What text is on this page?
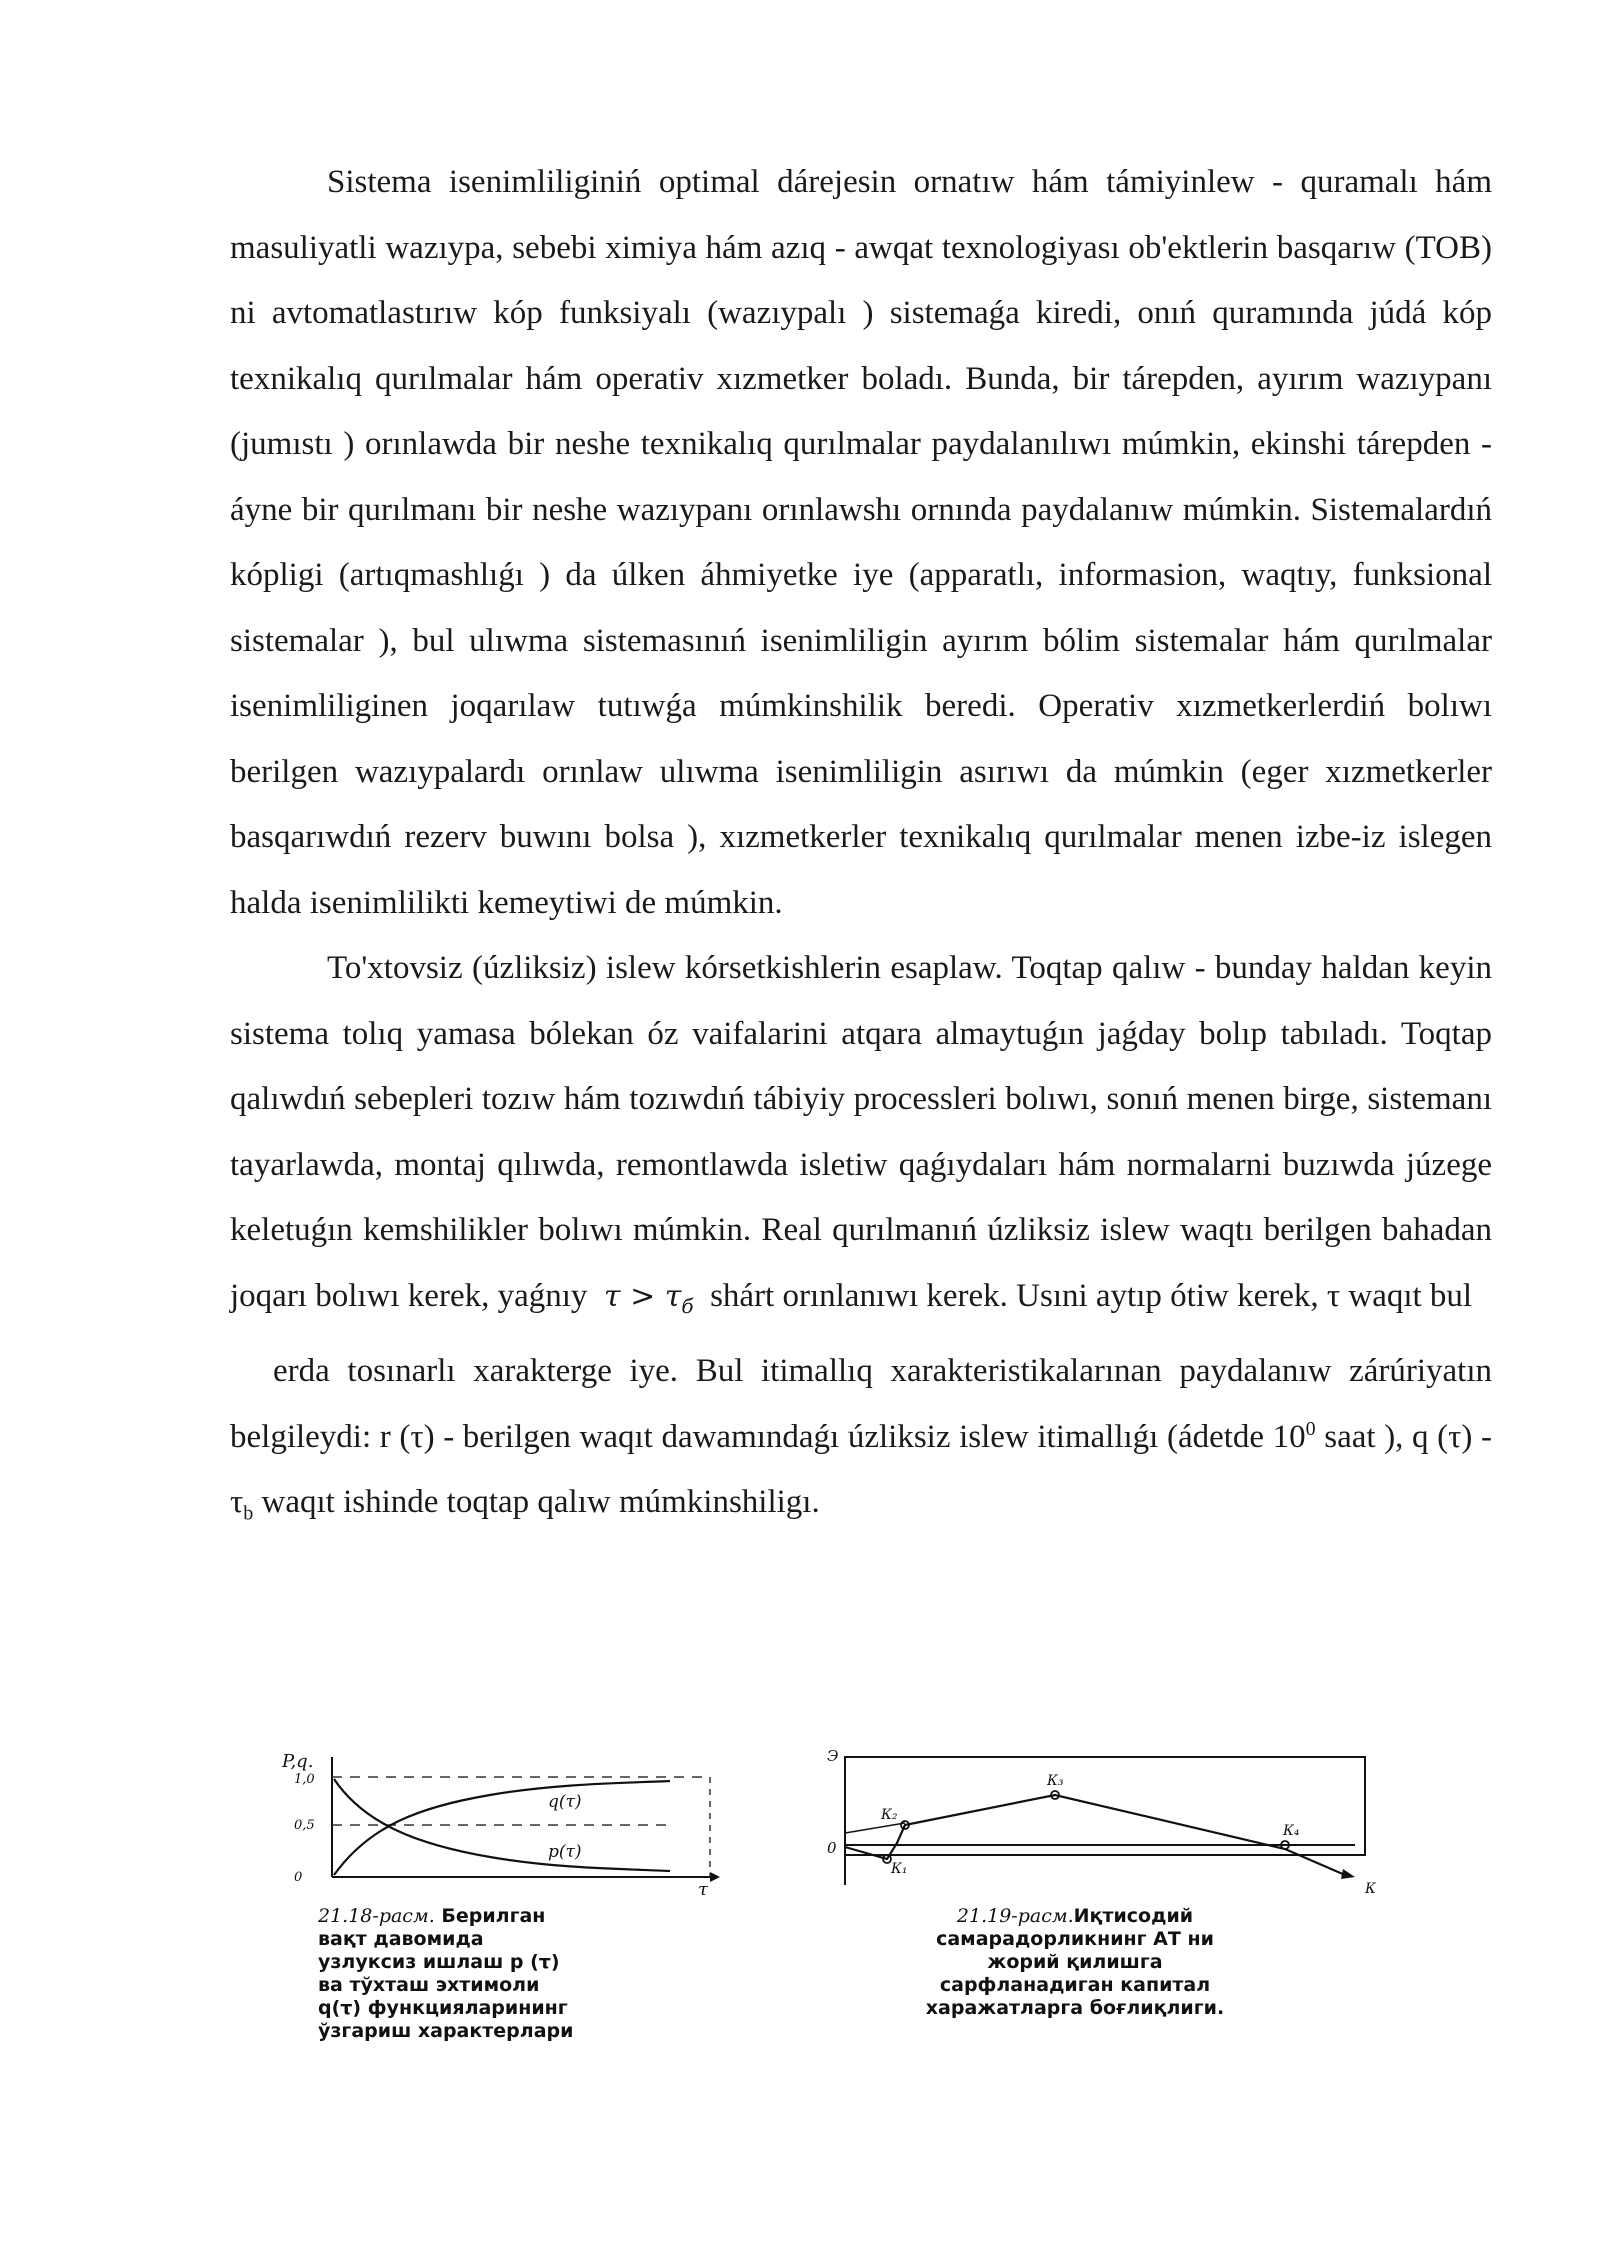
Sistema isenimliliginiń optimal dárejesin ornatıw hám támiyinlew - quramalı hám masuliyatli wazıypa, sebebi ximiya hám azıq - awqat texnologiyası ob'ektlerin basqarıw (TOB) ni avtomatlastırıw kóp funksiyalı (wazıypalı ) sistemaǵa kiredi, onıń quramında júdá kóp texnikalıq qurılmalar hám operativ xızmetker boladı. Bunda, bir tárepden, ayırım wazıypanı (jumıstı ) orınlawda bir neshe texnikalıq qurılmalar paydalanılıwı múmkin, ekinshi tárepden - áyne bir qurılmanı bir neshe wazıypanı orınlawshı ornında paydalanıw múmkin. Sistemalardıń kópligi (artıqmashlıǵı ) da úlken áhmiyetke iye (apparatlı, informasion, waqtıy, funksional sistemalar ), bul ulıwma sistemasınıń isenimliligin ayırım bólim sistemalar hám qurılmalar isenimliliginen joqarılaw tutıwǵa múmkinshilik beredi. Operativ xızmetkerlerdiń bolıwı berilgen wazıypalardı orınlaw ulıwma isenimliligin asırıwı da múmkin (eger xızmetkerler basqarıwdıń rezerv buwını bolsa ), xızmetkerler texnikalıq qurılmalar menen izbe-iz islegen halda isenimlilikti kemeytiwi de múmkin.

To'xtovsiz (úzliksiz) islew kórsetkishlerin esaplaw. Toqtap qalıw - bunday haldan keyin sistema tolıq yamasa bólekan óz vaifalarini atqara almaytuǵın jaǵday bolıp tabıladı. Toqtap qalıwdıń sebepleri tozıw hám tozıwdıń tábiyiy processleri bolıwı, sonıń menen birge, sistemanı tayarlawda, montaj qılıwda, remontlawda isletiw qaǵıydaları hám normalarni buzıwda júzege keletuǵın kemshilikler bolıwı múmkin. Real qurılmanıń úzliksiz islew waqtı berilgen bahadan joqarı bolıwı kerek, yaǵnıy $\tau > \tau_б$ shárt orınlanıwı kerek. Usıni aytıp ótiw kerek, τ waqıt bul

erda tosınarlı xarakterge iye. Bul itimallıq xarakteristikalarınan paydalanıw zárúriyatın belgileydi: r (τ) - berilgen waqıt dawamındaǵı úzliksiz islew itimallıǵı (ádetde $10^0$ saat ), q $(\tau) - \tau_b$ waqıt ishinde toqtap qalıw múmkinshiligı.

P,q.
1,0
0,5
0
q(τ)
p(τ)
τ
21.18-расм. Берилган
вақт давомида
узлуксиз ишлаш р (τ)
ва тўхташ эхтимоли
q(τ) функцияларининг
ўзгариш характерлари
Э
0
К₁
К₂
К₃
К₄
К
21.19-расм.Иқтисодий
самарадорликнинг АТ ни
жорий қилишга
сарфланадиган капитал
харажатларга боғлиқлиги.
